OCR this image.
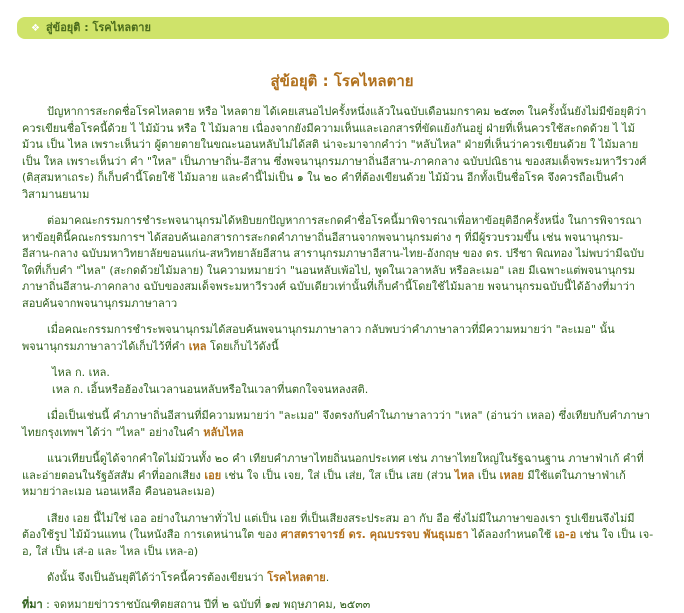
❖ สู่ข้อยุติ : โรคไหลตาย
สู่ข้อยุติ : โรคไหลตาย

ปัญหาการสะกดชื่อโรคไหลตาย หรือ ไหลตาย ได้เคยเสนอไปครั้งหนึ่งแล้วในฉบับเดือนมกราคม ๒๕๓๓ ในครั้งนั้นยังไม่มีข้อยุติว่าควรเขียนชื่อโรคนี้ด้วย ไ ไม้ม้วน หรือ ใ ไม้มลาย เนื่องจากยังมีความเห็นและเอกสารที่ขัดแย้งกันอยู่ ฝ่ายที่เห็นควรใช้สะกดด้วย ไ ไม้ม้วน เป็น ไหล เพราะเห็นว่า ผู้ตายตายในขณะนอนหลับไม่ได้สติ น่าจะมาจากคำว่า "หลับไหล" ฝ่ายที่เห็นว่าควรเขียนด้วย ใ ไม้มลาย เป็น ใหล เพราะเห็นว่า คำ "ใหล" เป็นภาษาถิ่น-อีสาน ซึ่งพจนานุกรมภาษาถิ่นอีสาน-ภาคกลาง ฉบับปณิธาน ของสมเด็จพระมหาวีรวงศ์ (ติสฺสมหาเถระ) ก็เก็บคำนี้โดยใช้ ไม้มลาย และคำนี้ไม่เป็น ๑ ใน ๒๐ คำที่ต้องเขียนด้วย ไม้ม้วน อีกทั้งเป็นชื่อโรค จึงควรถือเป็นคำวิสามานยนาม

ต่อมาคณะกรรมการชำระพจนานุกรมได้หยิบยกปัญหาการสะกดคำชื่อโรคนี้มาพิจารณาเพื่อหาข้อยุติอีกครั้งหนึ่ง ในการพิจารณาหาข้อยุตินี้คณะกรรมการฯ ได้สอบค้นเอกสารการสะกดคำภาษาถิ่นอีสานจากพจนานุกรมต่าง ๆ ที่มีผู้รวบรวมขึ้น เช่น พจนานุกรม-อีสาน-กลาง ฉบับมหาวิทยาลัยขอนแก่น-สหวิทยาลัยอีสาน สารานุกรมภาษาอีสาน-ไทย-อังกฤษ ของ ดร. ปรีชา พิณทอง ไม่พบว่ามีฉบับใดที่เก็บคำ "ไหล" (สะกดด้วยไม้มลาย) ในความหมายว่า "นอนหลับเพ้อไป, พูดในเวลาหลับ หรือละเมอ" เลย มีเฉพาะแต่พจนานุกรมภาษาถิ่นอีสาน-ภาคกลาง ฉบับของสมเด็จพระมหาวีรวงศ์ ฉบับเดียวเท่านั้นที่เก็บคำนี้โดยใช้ไม้มลาย พจนานุกรมฉบับนี้ได้อ้างที่มาว่าสอบค้นจากพจนานุกรมภาษาลาว

เมื่อคณะกรรมการชำระพจนานุกรมได้สอบค้นพจนานุกรมภาษาลาว กลับพบว่าคำภาษาลาวที่มีความหมายว่า "ละเมอ" นั้น พจนานุกรมภาษาลาวได้เก็บไว้ที่คำ เหล โดยเก็บไว้ดังนี้

ไหล ก. เหล.
เหล ก. เอิ้นหรือฮ้องในเวลานอนหลับหรือในเวลาที่นตกใจจนหลงสติ.

เมื่อเป็นเช่นนี้ คำภาษาถิ่นอีสานที่มีความหมายว่า "ละเมอ" จึงตรงกับคำในภาษาลาวว่า "เหล" (อ่านว่า เหลอ) ซึ่งเทียบกับคำภาษาไทยกรุงเทพฯ ได้ว่า "ไหล" อย่างในคำ หลับไหล

แนวเทียบนี้ดูได้จากคำใดไม่ม้วนทั้ง ๒๐ คำ เทียบคำภาษาไทยถิ่นนอกประเทศ เช่น ภาษาไทยใหญ่ในรัฐฉานฐาน ภาษาฟ่าเก้ คำที่ และอ่ายตอนในรัฐอัสสัม คำที่ออกเสียง เอย เช่น ใจ เป็น เจย, ใส่ เป็น เส่ย, ใส เป็น เสย (ส่วน ไหล เป็น เหลย มีใช้แต่ในภาษาฟ่าเก้ หมายว่าละเมอ นอนเหลือ คือนอนละเมอ)

เสียง เอย นี้ไม่ใช่ เออ อย่างในภาษาทั่วไป แต่เป็น เอย ที่เป็นเสียงสระประสม อา กับ อือ ซึ่งไม่มีในภาษาของเรา รูปเขียนจึงไม่มี ต้องใช้รูป ไม้ม้วนแทน (ในหนังสือ การเดหน่านใต ของ ศาสตราจารย์ ดร. คุณบรรจบ พันธุเมธา ได้ลองกำหนดใช้ เอ-อ เช่น ใจ เป็น เจ-อ, ใส่ เป็น เส่-อ และ ไหล เป็น เหล-อ)

ดังนั้น จึงเป็นอันยุติได้ว่าโรคนี้ควรต้องเขียนว่า โรคไหลตาย.

ที่มา : จดหมายข่าวราชบัณฑิตยสถาน ปีที่ ๒ ฉบับที่ ๑๗ พฤษภาคม, ๒๕๓๓
